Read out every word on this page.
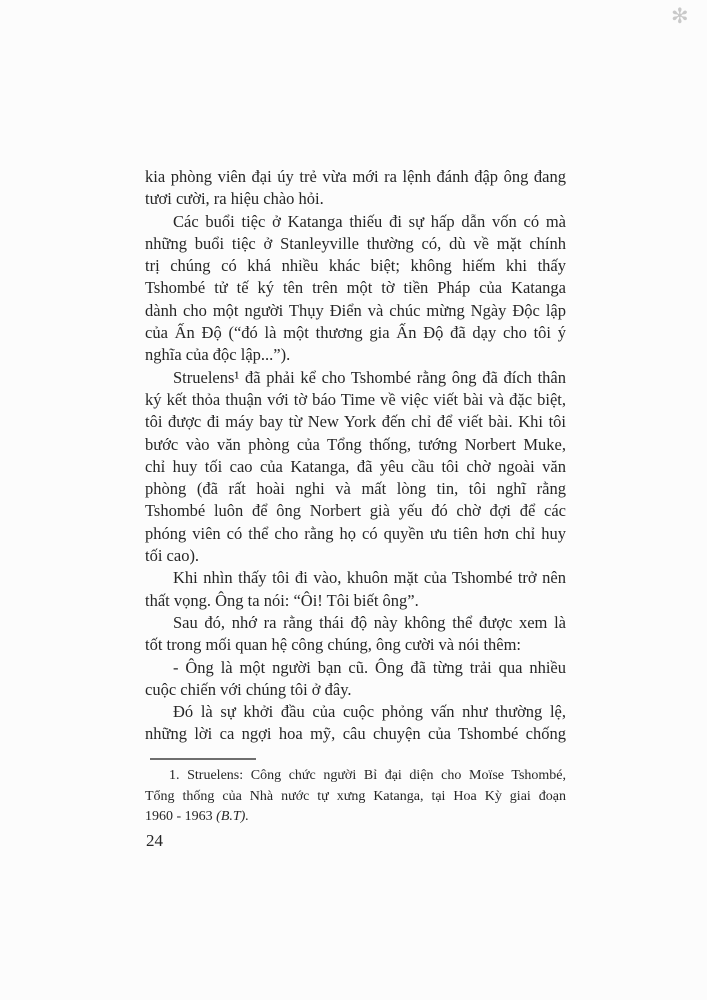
✻
kia phòng viên đại úy trẻ vừa mới ra lệnh đánh đập ông đang
tươi cười, ra hiệu chào hỏi.
Các buổi tiệc ở Katanga thiếu đi sự hấp dẫn vốn có mà
những buổi tiệc ở Stanleyville thường có, dù về mặt chính
trị chúng có khá nhiều khác biệt; không hiếm khi thấy
Tshombé tử tế ký tên trên một tờ tiền Pháp của Katanga
dành cho một người Thụy Điển và chúc mừng Ngày Độc lập
của Ấn Độ (“đó là một thương gia Ấn Độ đã dạy cho tôi ý
nghĩa của độc lập...”).
Struelens¹ đã phải kể cho Tshombé rằng ông đã đích thân
ký kết thỏa thuận với tờ báo Time về việc viết bài và đặc biệt,
tôi được đi máy bay từ New York đến chỉ để viết bài. Khi tôi
bước vào văn phòng của Tổng thống, tướng Norbert Muke,
chỉ huy tối cao của Katanga, đã yêu cầu tôi chờ ngoài văn
phòng (đã rất hoài nghi và mất lòng tin, tôi nghĩ rằng
Tshombé luôn để ông Norbert già yếu đó chờ đợi để các
phóng viên có thể cho rằng họ có quyền ưu tiên hơn chỉ huy
tối cao).
Khi nhìn thấy tôi đi vào, khuôn mặt của Tshombé trở nên
thất vọng. Ông ta nói: “Ôi! Tôi biết ông”.
Sau đó, nhớ ra rằng thái độ này không thể được xem là
tốt trong mối quan hệ công chúng, ông cười và nói thêm:
- Ông là một người bạn cũ. Ông đã từng trải qua nhiều
cuộc chiến với chúng tôi ở đây.
Đó là sự khởi đầu của cuộc phỏng vấn như thường lệ,
những lời ca ngợi hoa mỹ, câu chuyện của Tshombé chống
1. Struelens: Công chức người Bỉ đại diện cho Moïse Tshombé,
Tổng thống của Nhà nước tự xưng Katanga, tại Hoa Kỳ giai đoạn
1960 - 1963 (B.T).
24
